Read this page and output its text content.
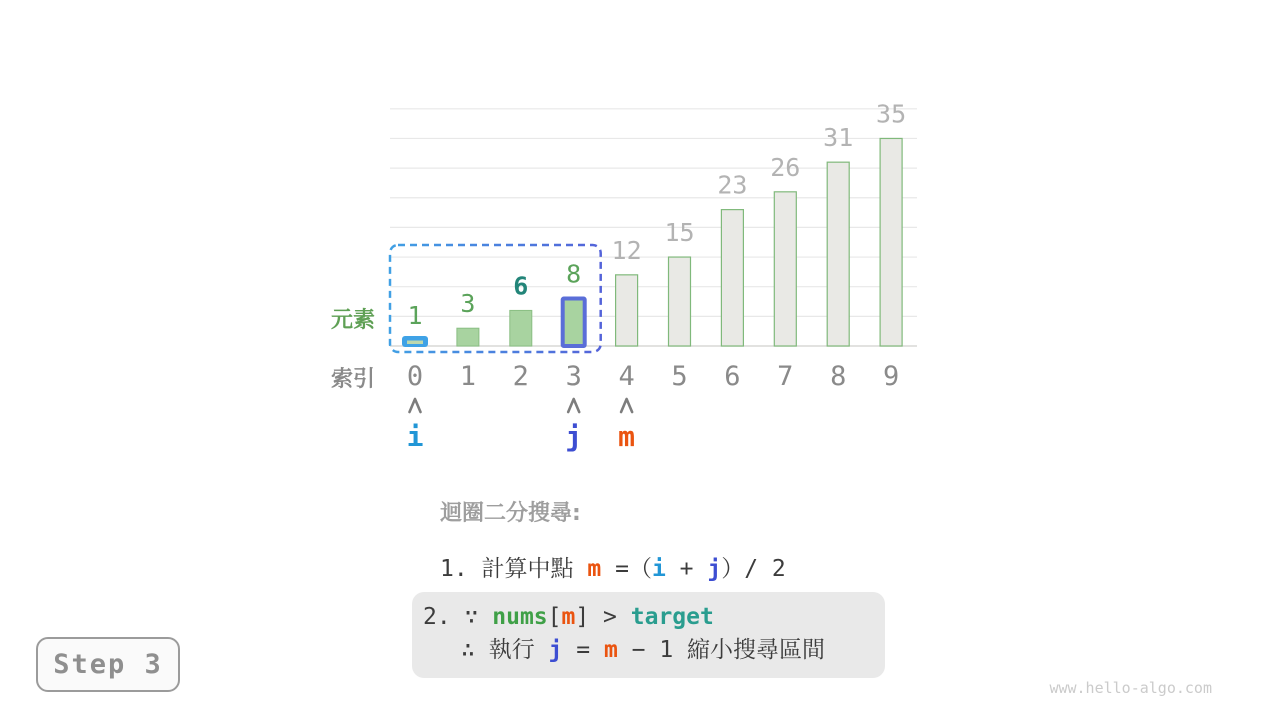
1
0
3
1
6
2
8
3
12
4
15
5
23
6
26
7
31
8
35
9
i	j m
元素
索引
迴圈二分搜尋:
1. 計算中點 m =（i + j）/ 2
2. ∵ nums[m] > target
∴ 執行 j = m − 1 縮小搜尋區間
Step 3
www.hello-algo.com
